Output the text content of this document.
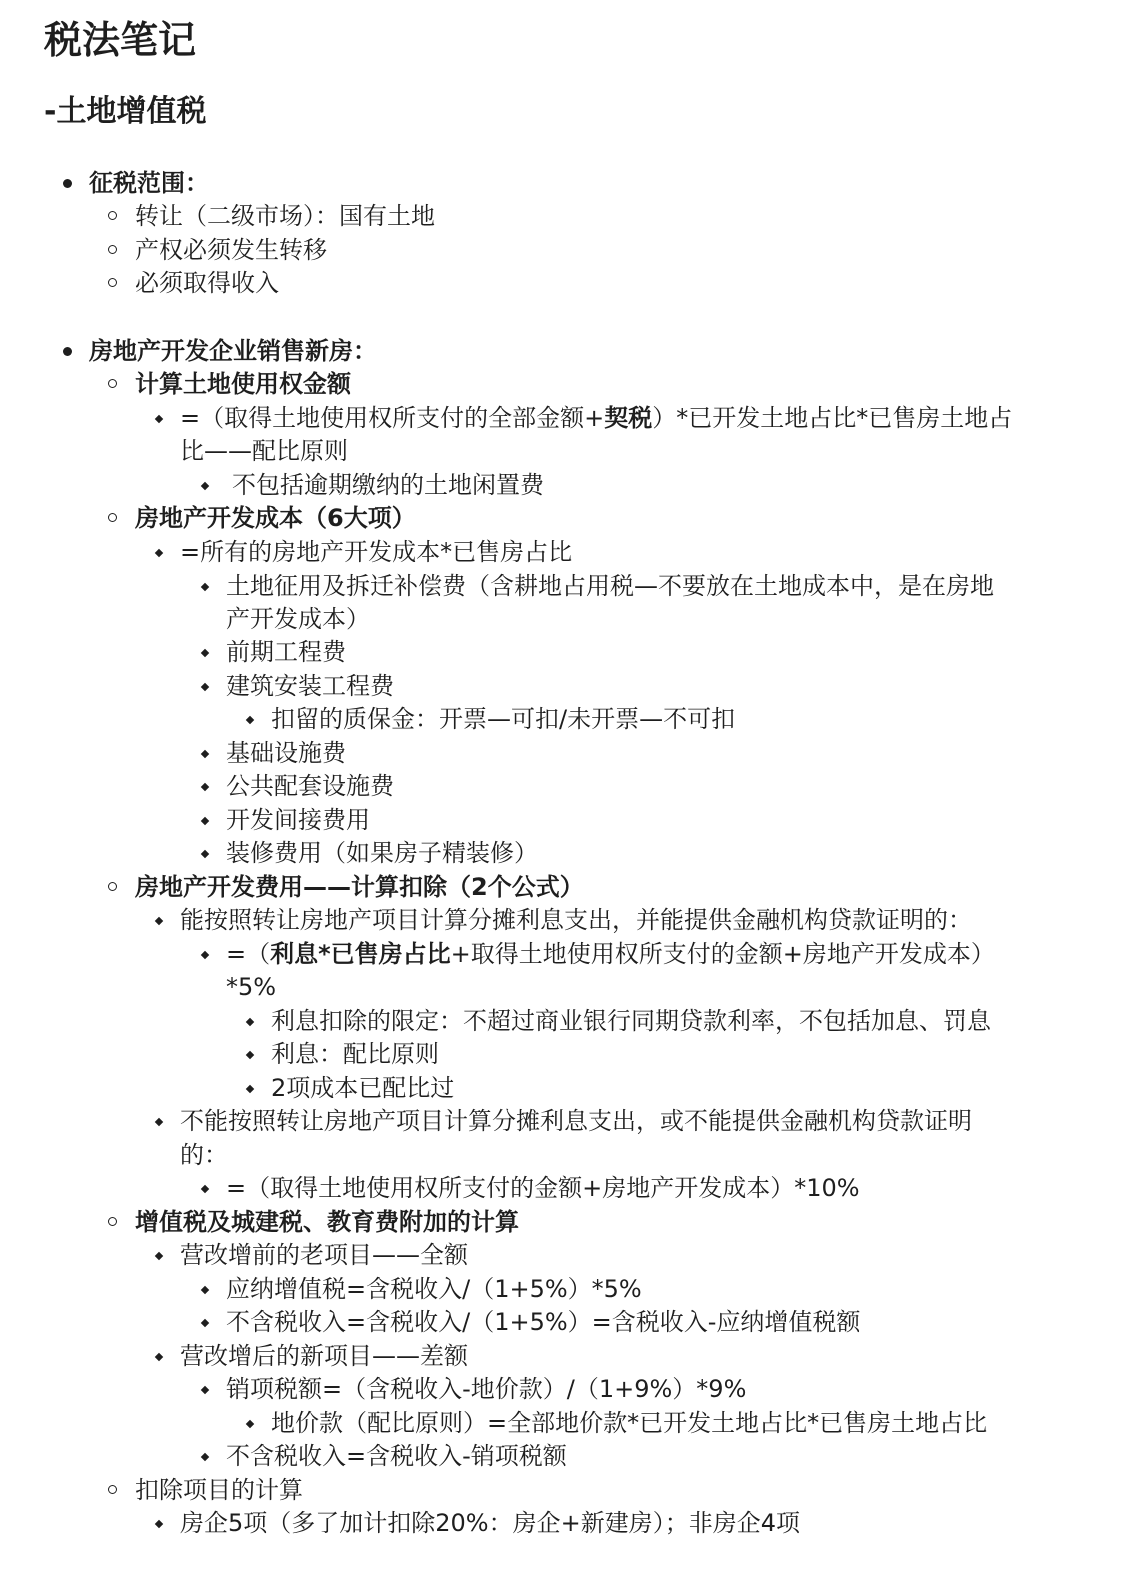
税法笔记
-土地增值税
征税范围：
转让（二级市场）：国有土地
产权必须发生转移
必须取得收入
房地产开发企业销售新房：
计算土地使用权金额
=（取得土地使用权所支付的全部金额+契税）*已开发土地占比*已售房土地占
比——配比原则
不包括逾期缴纳的土地闲置费
房地产开发成本（6大项）
=所有的房地产开发成本*已售房占比
土地征用及拆迁补偿费（含耕地占用税—不要放在土地成本中，是在房地
产开发成本）
前期工程费
建筑安装工程费
扣留的质保金：开票—可扣/未开票—不可扣
基础设施费
公共配套设施费
开发间接费用
装修费用（如果房子精装修）
房地产开发费用——计算扣除（2个公式）
能按照转让房地产项目计算分摊利息支出，并能提供金融机构贷款证明的：
=（利息*已售房占比+取得土地使用权所支付的金额+房地产开发成本）
*5%
利息扣除的限定：不超过商业银行同期贷款利率，不包括加息、罚息
利息：配比原则
2项成本已配比过
不能按照转让房地产项目计算分摊利息支出，或不能提供金融机构贷款证明
的：
=（取得土地使用权所支付的金额+房地产开发成本）*10%
增值税及城建税、教育费附加的计算
营改增前的老项目——全额
应纳增值税=含税收入/（1+5%）*5%
不含税收入=含税收入/（1+5%）=含税收入-应纳增值税额
营改增后的新项目——差额
销项税额=（含税收入-地价款）/（1+9%）*9%
地价款（配比原则）=全部地价款*已开发土地占比*已售房土地占比
不含税收入=含税收入-销项税额
扣除项目的计算
房企5项（多了加计扣除20%：房企+新建房）；非房企4项
